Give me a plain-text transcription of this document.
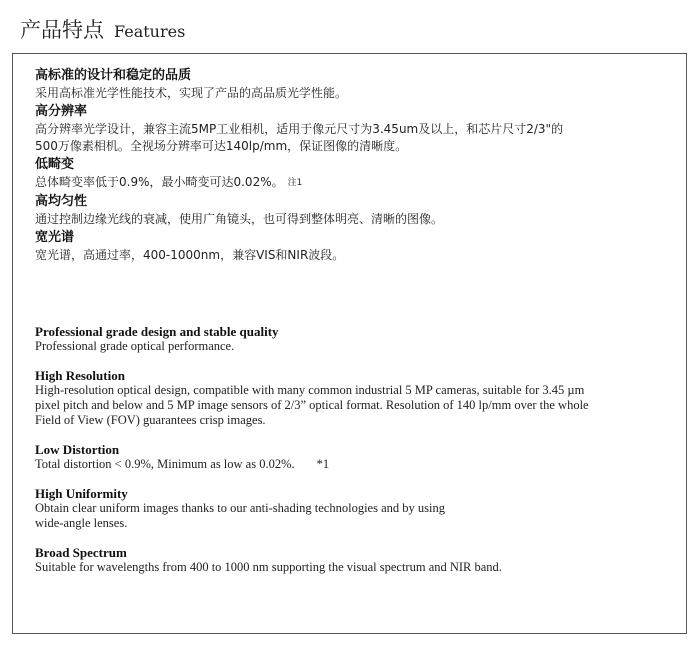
产品特点 Features
高标准的设计和稳定的品质
采用高标准光学性能技术，实现了产品的高品质光学性能。
高分辨率
高分辨率光学设计，兼容主流5MP工业相机，适用于像元尺寸为3.45um及以上，和芯片尺寸2/3"的
500万像素相机。全视场分辨率可达140lp/mm，保证图像的清晰度。
低畸变
总体畸变率低于0.9%，最小畸变可达0.02%。 注1
高均匀性
通过控制边缘光线的衰减，使用广角镜头，也可得到整体明亮、清晰的图像。
宽光谱
宽光谱，高通过率，400-1000nm，兼容VIS和NIR波段。
Professional grade design and stable quality
Professional grade optical performance.
High Resolution
High-resolution optical design, compatible with many common industrial 5 MP cameras, suitable for 3.45 µm
pixel pitch and below and 5 MP image sensors of 2/3” optical format. Resolution of 140 lp/mm over the whole
Field of View (FOV) guarantees crisp images.
Low Distortion
Total distortion < 0.9%, Minimum as low as 0.02%. *1
High Uniformity
Obtain clear uniform images thanks to our anti-shading technologies and by using
wide-angle lenses.
Broad Spectrum
Suitable for wavelengths from 400 to 1000 nm supporting the visual spectrum and NIR band.
